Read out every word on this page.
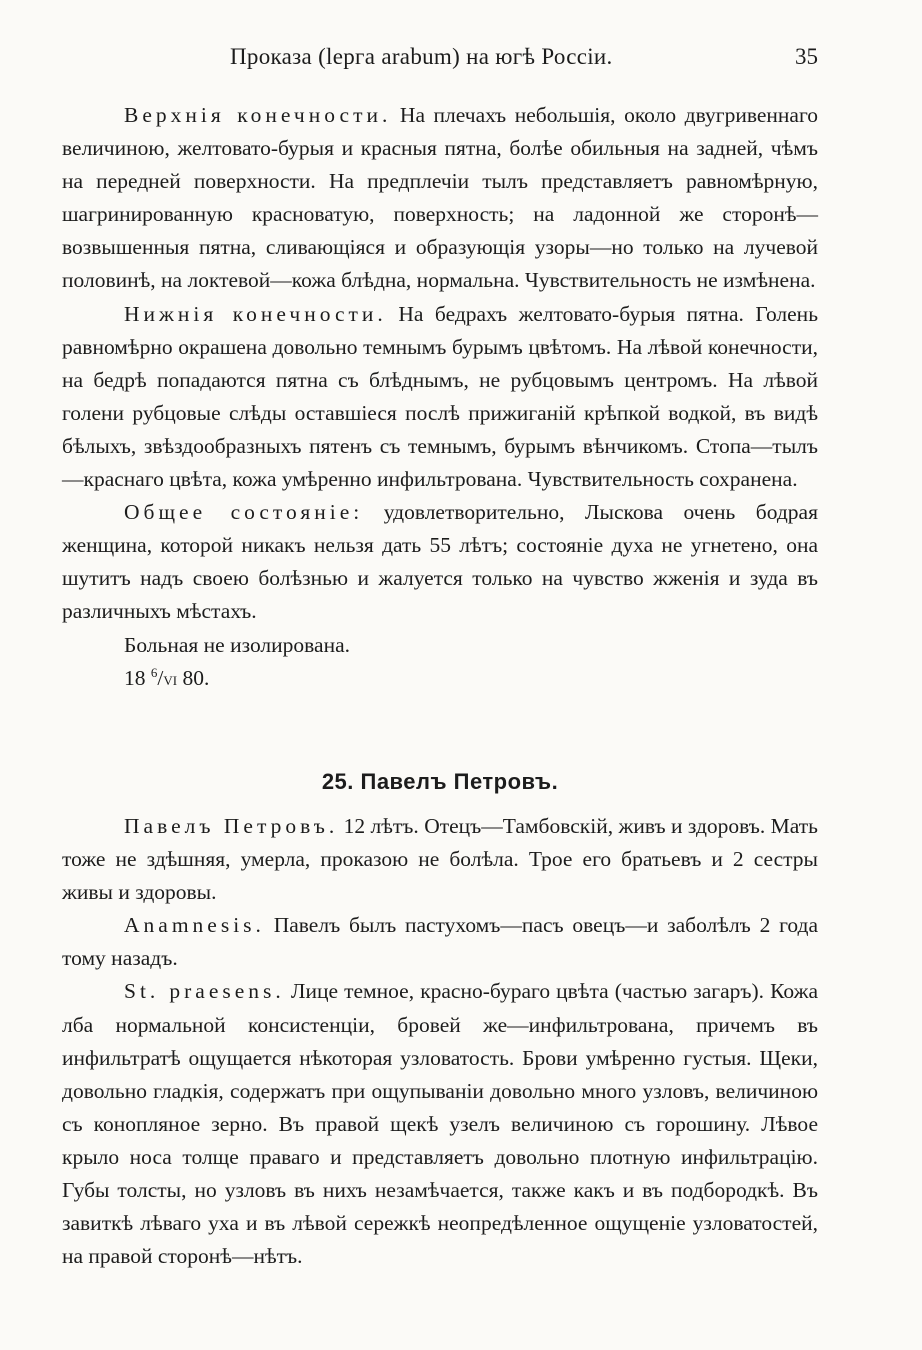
Проказа (lерга arabum) на югѣ Россіи.	35

Верхнія конечности. На плечахъ небольшія, около двугривеннаго величиною, желтовато-бурыя и красныя пятна, болѣе обильныя на задней, чѣмъ на передней поверхности. На предплечіи тылъ представляетъ равномѣрную, шагринированную красноватую, поверхность; на ладонной же сторонѣ—возвышенныя пятна, сливающіяся и образующія узоры—но только на лучевой половинѣ, на локтевой—кожа блѣдна, нормальна. Чувствительность не измѣнена.

Нижнія конечности. На бедрахъ желтовато-бурыя пятна. Голень равномѣрно окрашена довольно темнымъ бурымъ цвѣтомъ. На лѣвой конечности, на бедрѣ попадаются пятна съ блѣднымъ, не рубцовымъ центромъ. На лѣвой голени рубцовые слѣды оставшіеся послѣ прижиганій крѣпкой водкой, въ видѣ бѣлыхъ, звѣздообразныхъ пятенъ съ темнымъ, бурымъ вѣнчикомъ. Стопа—тылъ—краснаго цвѣта, кожа умѣренно инфильтрована. Чувствительность сохранена.

Общее состояніе: удовлетворительно, Лыскова очень бодрая женщина, которой никакъ нельзя дать 55 лѣтъ; состояніе духа не угнетено, она шутитъ надъ своею болѣзнью и жалуется только на чувство жженія и зуда въ различныхъ мѣстахъ.

Больная не изолирована.

18 $^6$/VI 80.

25. Павелъ Петровъ.

Павелъ Петровъ. 12 лѣтъ. Отецъ—Тамбовскій, живъ и здоровъ. Мать тоже не здѣшняя, умерла, проказою не болѣла. Трое его братьевъ и 2 сестры живы и здоровы.

Anamnesis. Павелъ былъ пастухомъ—пасъ овецъ—и заболѣлъ 2 года тому назадъ.

St. praesens. Лице темное, красно-бураго цвѣта (частью загаръ). Кожа лба нормальной консистенціи, бровей же—инфильтрована, причемъ въ инфильтратѣ ощущается нѣкоторая узловатость. Брови умѣренно густыя. Щеки, довольно гладкія, содержатъ при ощупываніи довольно много узловъ, величиною съ конопляное зерно. Въ правой щекѣ узелъ величиною съ горошину. Лѣвое крыло носа толще праваго и представляетъ довольно плотную инфильтрацію. Губы толсты, но узловъ въ нихъ незамѣчается, также какъ и въ подбородкѣ. Въ завиткѣ лѣваго уха и въ лѣвой сережкѣ неопредѣленное ощущеніе узловатостей, на правой сторонѣ—нѣтъ.
